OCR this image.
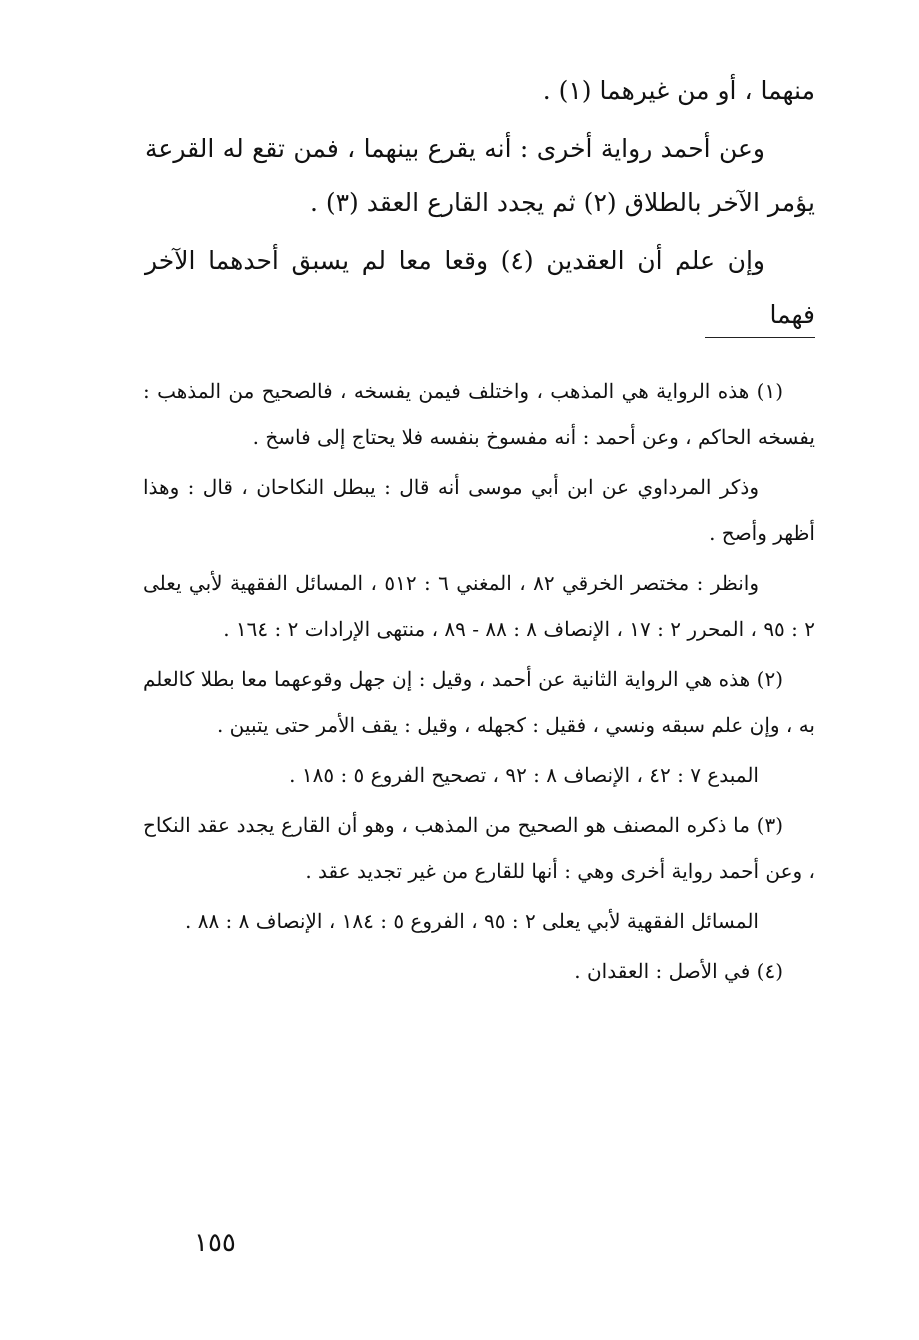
منهما ، أو من غيرهما (١) .

وعن أحمد رواية أخرى : أنه يقرع بينهما ، فمن تقع له القرعة يؤمر الآخر بالطلاق (٢) ثم يجدد القارع العقد (٣) .

وإن علم أن العقدين (٤) وقعا معا لم يسبق أحدهما الآخر فهما

(١) هذه الرواية هي المذهب ، واختلف فيمن يفسخه ، فالصحيح من المذهب : يفسخه الحاكم ، وعن أحمد : أنه مفسوخ بنفسه فلا يحتاج إلى فاسخ .

وذكر المرداوي عن ابن أبي موسى أنه قال : يبطل النكاحان ، قال : وهذا أظهر وأصح .

وانظر : مختصر الخرقي ٨٢ ، المغني ٦ : ٥١٢ ، المسائل الفقهية لأبي يعلى ٢ : ٩٥ ، المحرر ٢ : ١٧ ، الإنصاف ٨ : ٨٨ - ٨٩ ، منتهى الإرادات ٢ : ١٦٤ .

(٢) هذه هي الرواية الثانية عن أحمد ، وقيل : إن جهل وقوعهما معا بطلا كالعلم به ، وإن علم سبقه ونسي ، فقيل : كجهله ، وقيل : يقف الأمر حتى يتبين .

المبدع ٧ : ٤٢ ، الإنصاف ٨ : ٩٢ ، تصحيح الفروع ٥ : ١٨٥ .

(٣) ما ذكره المصنف هو الصحيح من المذهب ، وهو أن القارع يجدد عقد النكاح ، وعن أحمد رواية أخرى وهي : أنها للقارع من غير تجديد عقد .

المسائل الفقهية لأبي يعلى ٢ : ٩٥ ، الفروع ٥ : ١٨٤ ، الإنصاف ٨ : ٨٨ .

(٤) في الأصل : العقدان .

١٥٥
